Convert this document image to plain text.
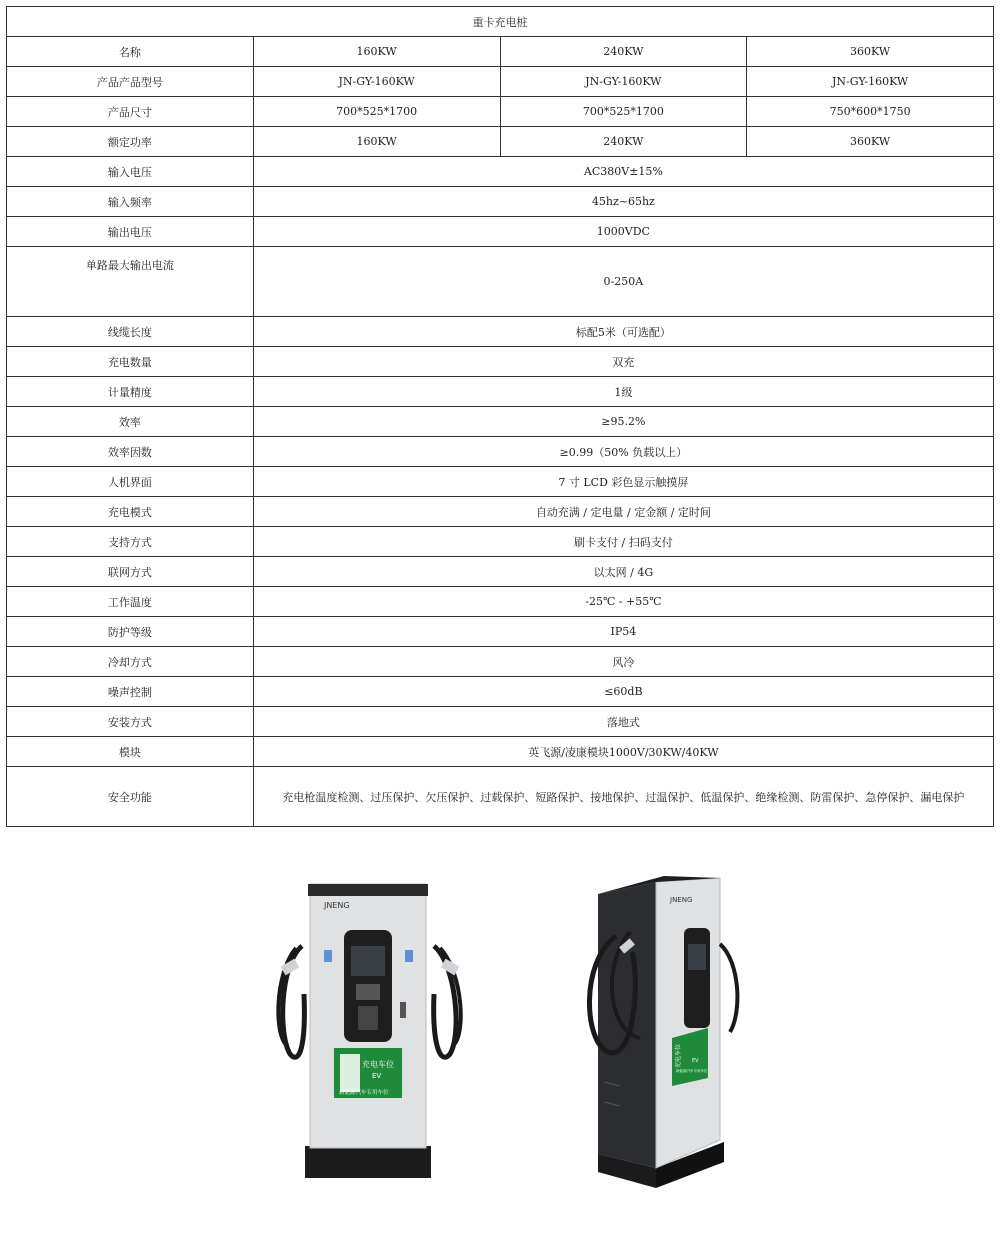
重卡充电桩			
名称	160KW	240KW	360KW
产品产品型号	JN-GY-160KW	JN-GY-160KW	JN-GY-160KW
产品尺寸	700*525*1700	700*525*1700	750*600*1750
额定功率	160KW	240KW	360KW
输入电压	AC380V±15%		
输入频率	45hz~65hz		
输出电压	1000VDC		
单路最大输出电流	0-250A		
线缆长度	标配5米（可选配）		
充电数量	双充		
计量精度	1级		
效率	≥95.2%		
效率因数	≥0.99（50% 负载以上）		
人机界面	7 寸 LCD 彩色显示触摸屏		
充电模式	自动充满 / 定电量 / 定金额 / 定时间		
支持方式	刷卡支付 / 扫码支付		
联网方式	以太网 / 4G		
工作温度	-25℃ - +55℃		
防护等级	IP54		
冷却方式	风冷		
噪声控制	≤60dB		
安装方式	落地式		
模块	英飞源/凌康模块1000V/30KW/40KW		
安全功能	充电枪温度检测、过压保护、欠压保护、过载保护、短路保护、接地保护、过温保护、低温保护、绝缘检测、防雷保护、急停保护、漏电保护		
JNENG
充电车位
EV
新能源汽车专用车位
JNENG
充电车位 EV
新能源汽车专用车位
